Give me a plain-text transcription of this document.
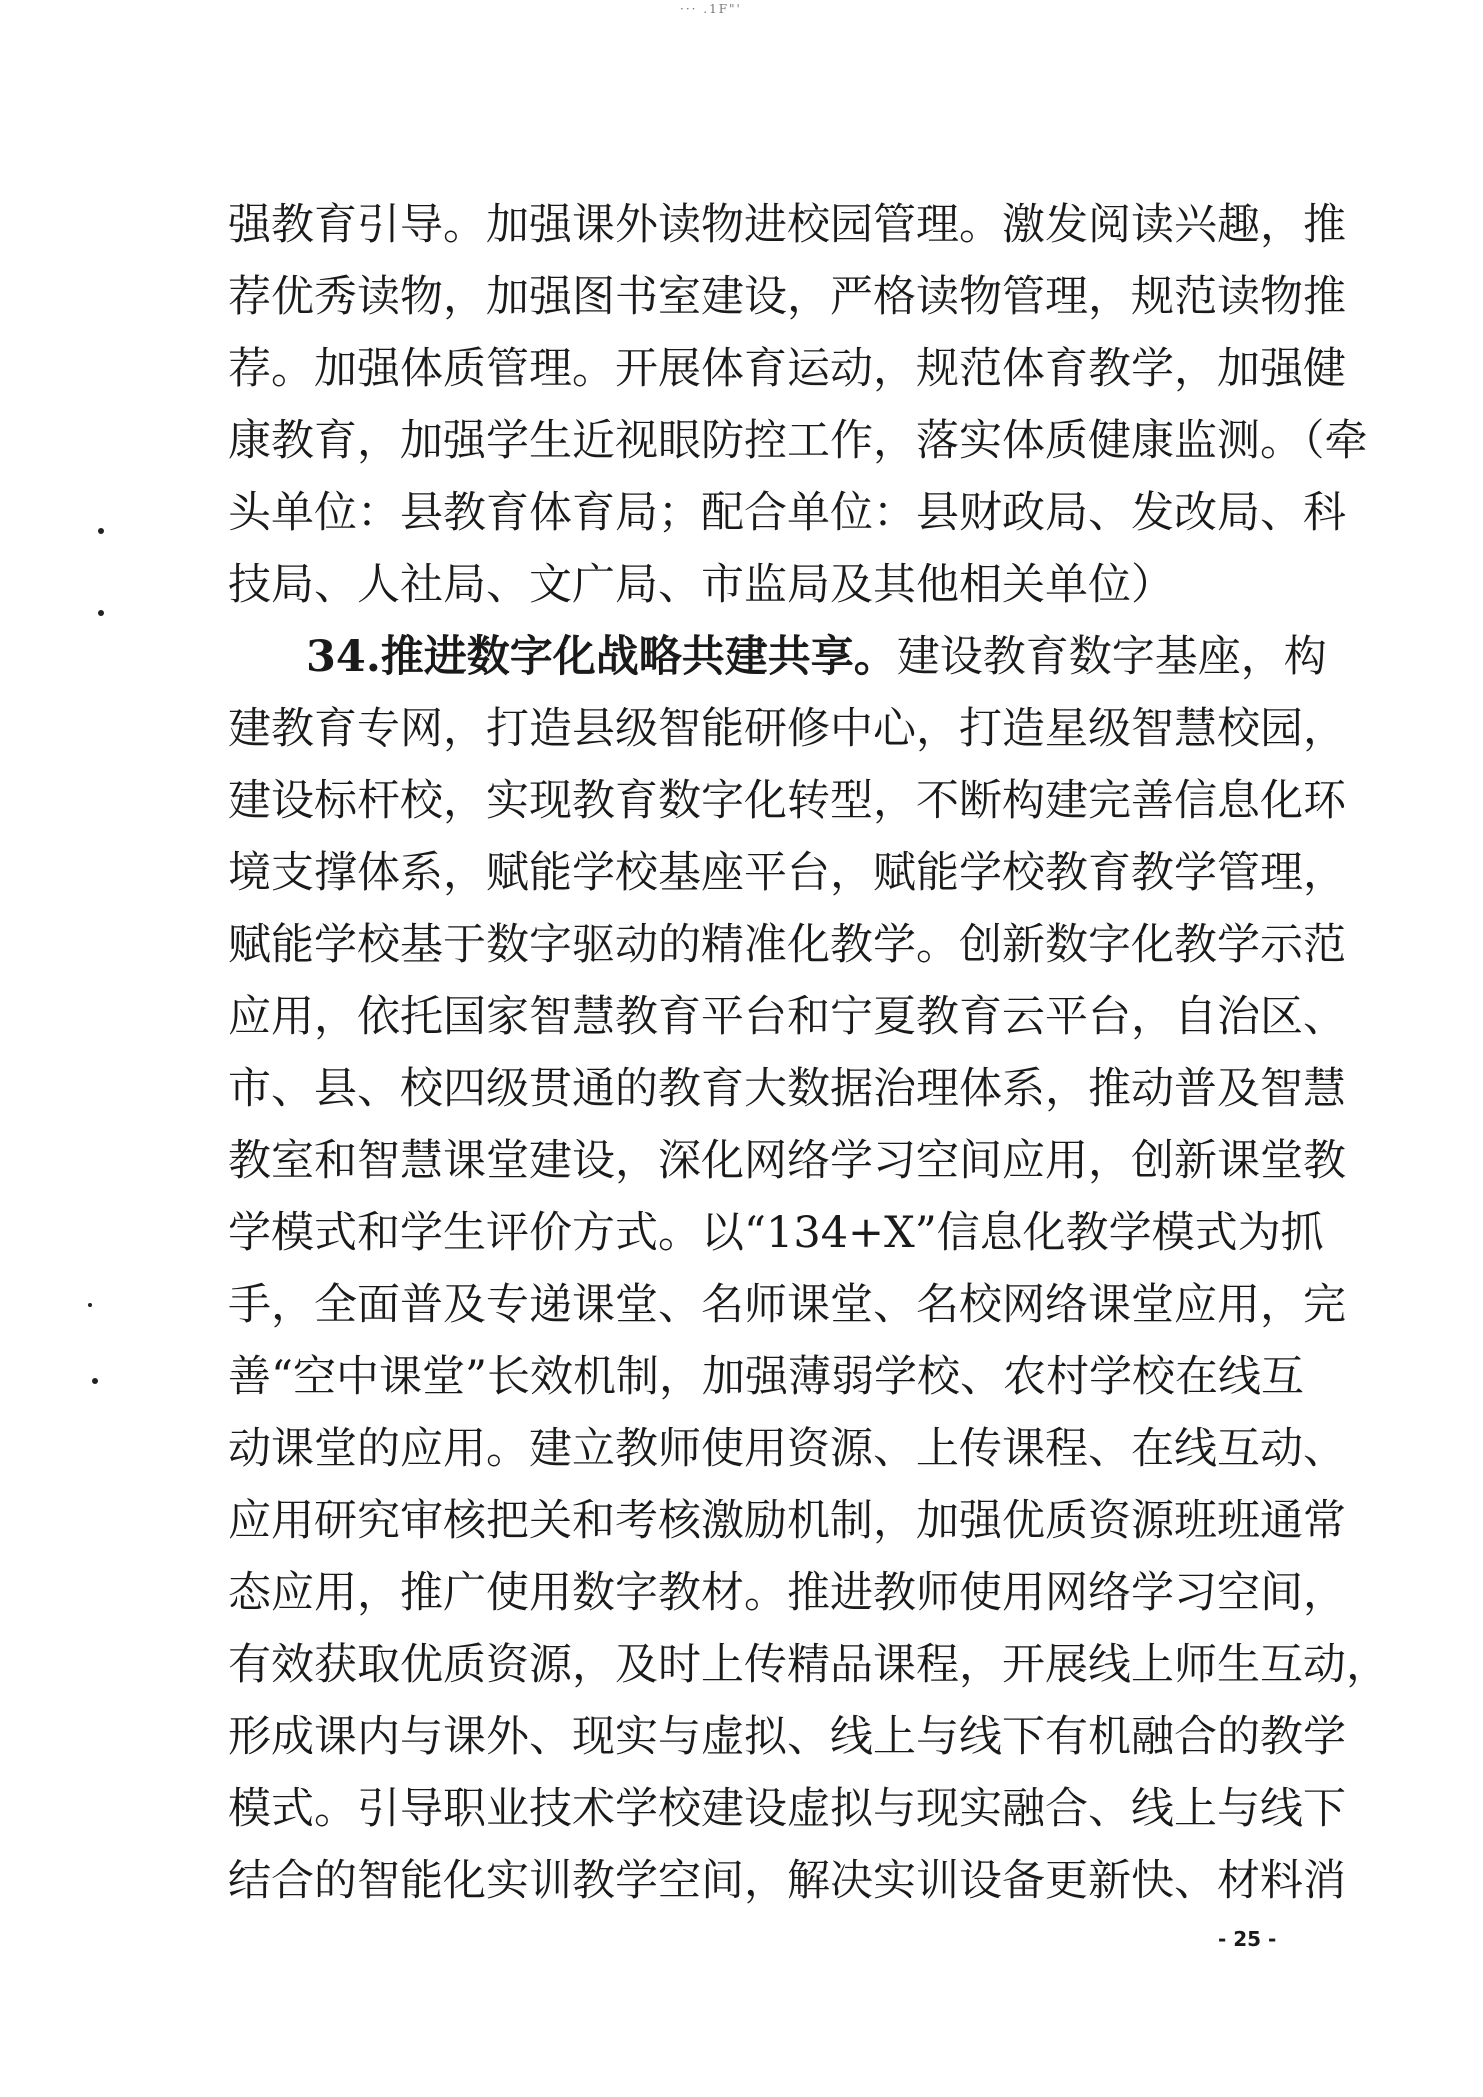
··· .1F"'
强教育引导。加强课外读物进校园管理。激发阅读兴趣，推
荐优秀读物，加强图书室建设，严格读物管理，规范读物推
荐。加强体质管理。开展体育运动，规范体育教学，加强健
康教育，加强学生近视眼防控工作，落实体质健康监测。（牵
头单位：县教育体育局；配合单位：县财政局、发改局、科
技局、人社局、文广局、市监局及其他相关单位）
34.推进数字化战略共建共享。建设教育数字基座，构
建教育专网，打造县级智能研修中心，打造星级智慧校园，
建设标杆校，实现教育数字化转型，不断构建完善信息化环
境支撑体系，赋能学校基座平台，赋能学校教育教学管理，
赋能学校基于数字驱动的精准化教学。创新数字化教学示范
应用，依托国家智慧教育平台和宁夏教育云平台，自治区、
市、县、校四级贯通的教育大数据治理体系，推动普及智慧
教室和智慧课堂建设，深化网络学习空间应用，创新课堂教
学模式和学生评价方式。以“134+X”信息化教学模式为抓
手，全面普及专递课堂、名师课堂、名校网络课堂应用，完
善“空中课堂”长效机制，加强薄弱学校、农村学校在线互
动课堂的应用。建立教师使用资源、上传课程、在线互动、
应用研究审核把关和考核激励机制，加强优质资源班班通常
态应用，推广使用数字教材。推进教师使用网络学习空间，
有效获取优质资源，及时上传精品课程，开展线上师生互动，
形成课内与课外、现实与虚拟、线上与线下有机融合的教学
模式。引导职业技术学校建设虚拟与现实融合、线上与线下
结合的智能化实训教学空间，解决实训设备更新快、材料消
- 25 -
